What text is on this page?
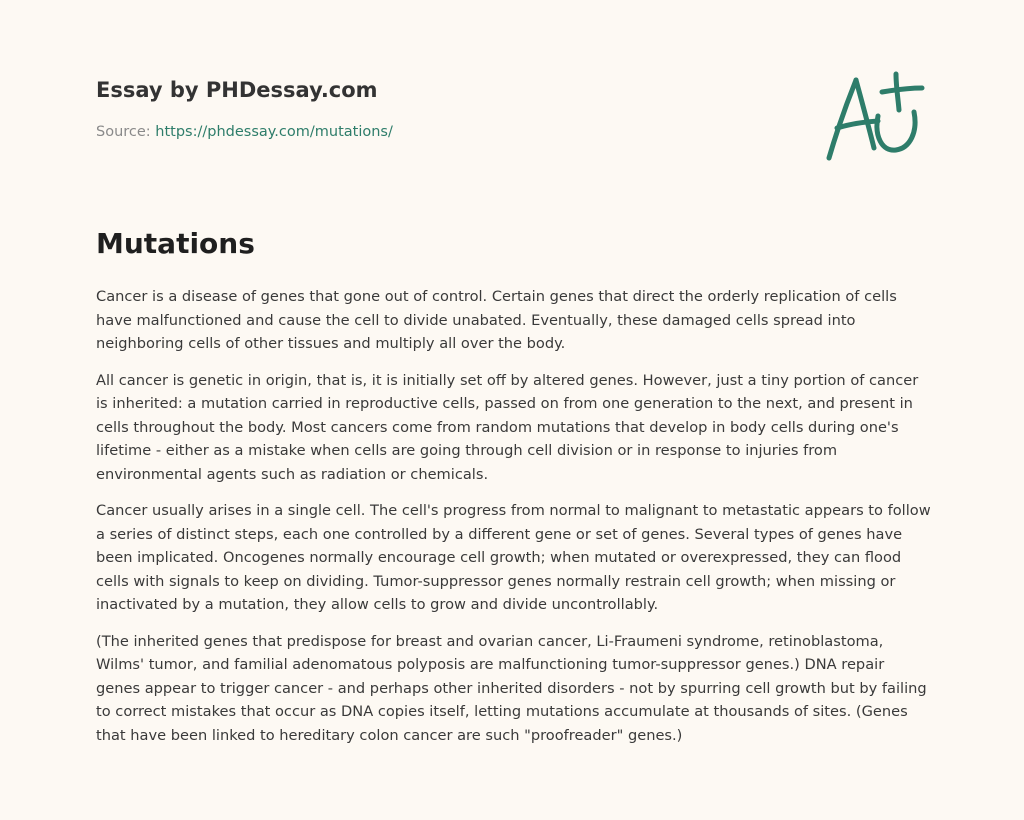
Essay by PHDessay.com
Source: https://phdessay.com/mutations/
Mutations

Cancer is a disease of genes that gone out of control. Certain genes that direct the orderly replication of cells have malfunctioned and cause the cell to divide unabated. Eventually, these damaged cells spread into neighboring cells of other tissues and multiply all over the body.

All cancer is genetic in origin, that is, it is initially set off by altered genes. However, just a tiny portion of cancer is inherited: a mutation carried in reproductive cells, passed on from one generation to the next, and present in cells throughout the body. Most cancers come from random mutations that develop in body cells during one's lifetime - either as a mistake when cells are going through cell division or in response to injuries from environmental agents such as radiation or chemicals.

Cancer usually arises in a single cell. The cell's progress from normal to malignant to metastatic appears to follow a series of distinct steps, each one controlled by a different gene or set of genes. Several types of genes have been implicated. Oncogenes normally encourage cell growth; when mutated or overexpressed, they can flood cells with signals to keep on dividing. Tumor-suppressor genes normally restrain cell growth; when missing or inactivated by a mutation, they allow cells to grow and divide uncontrollably.

(The inherited genes that predispose for breast and ovarian cancer, Li-Fraumeni syndrome, retinoblastoma, Wilms' tumor, and familial adenomatous polyposis are malfunctioning tumor-suppressor genes.) DNA repair genes appear to trigger cancer - and perhaps other inherited disorders - not by spurring cell growth but by failing to correct mistakes that occur as DNA copies itself, letting mutations accumulate at thousands of sites. (Genes that have been linked to hereditary colon cancer are such "proofreader" genes.)
